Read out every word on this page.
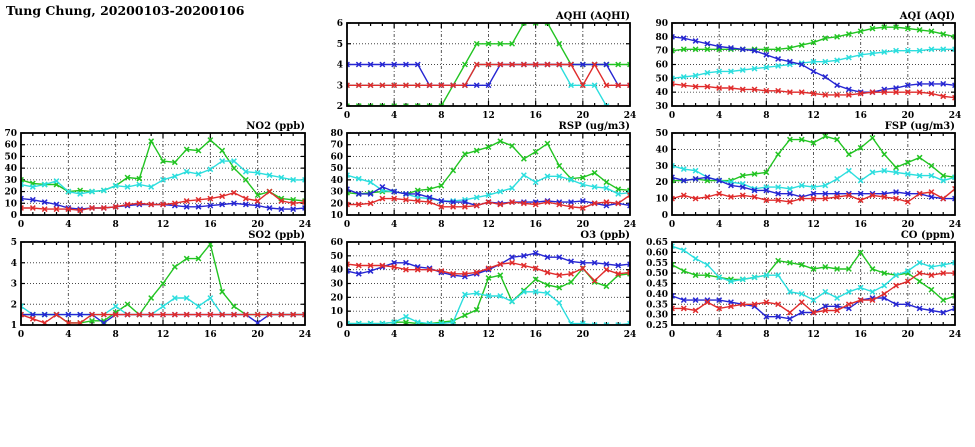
Tung Chung, 20200103-20200106
2
3
4
5
6
0	4	8	12	16	20	24
AQHI (AQHI)
30
40
50
60
70
80
90
0	4	8	12	16	20	24
AQI (AQI)
0
10
20
30
40
50
60
70
0	4	8	12	16	20	24
NO2 (ppb)
10
20
30
40
50
60
70
80
0	4	8	12	16	20	24
RSP (ug/m3)
0
10
20
30
40
50
0	4	8	12	16	20	24
FSP (ug/m3)
1
2
3
4
5
0	4	8	12	16	20	24
SO2 (ppb)
0
10
20
30
40
50
60
0	4	8	12	16	20	24
O3 (ppb)
0.25
0.30
0.35
0.40
0.45
0.50
0.55
0.60
0.65
0	4	8	12	16	20	24
CO (ppm)
